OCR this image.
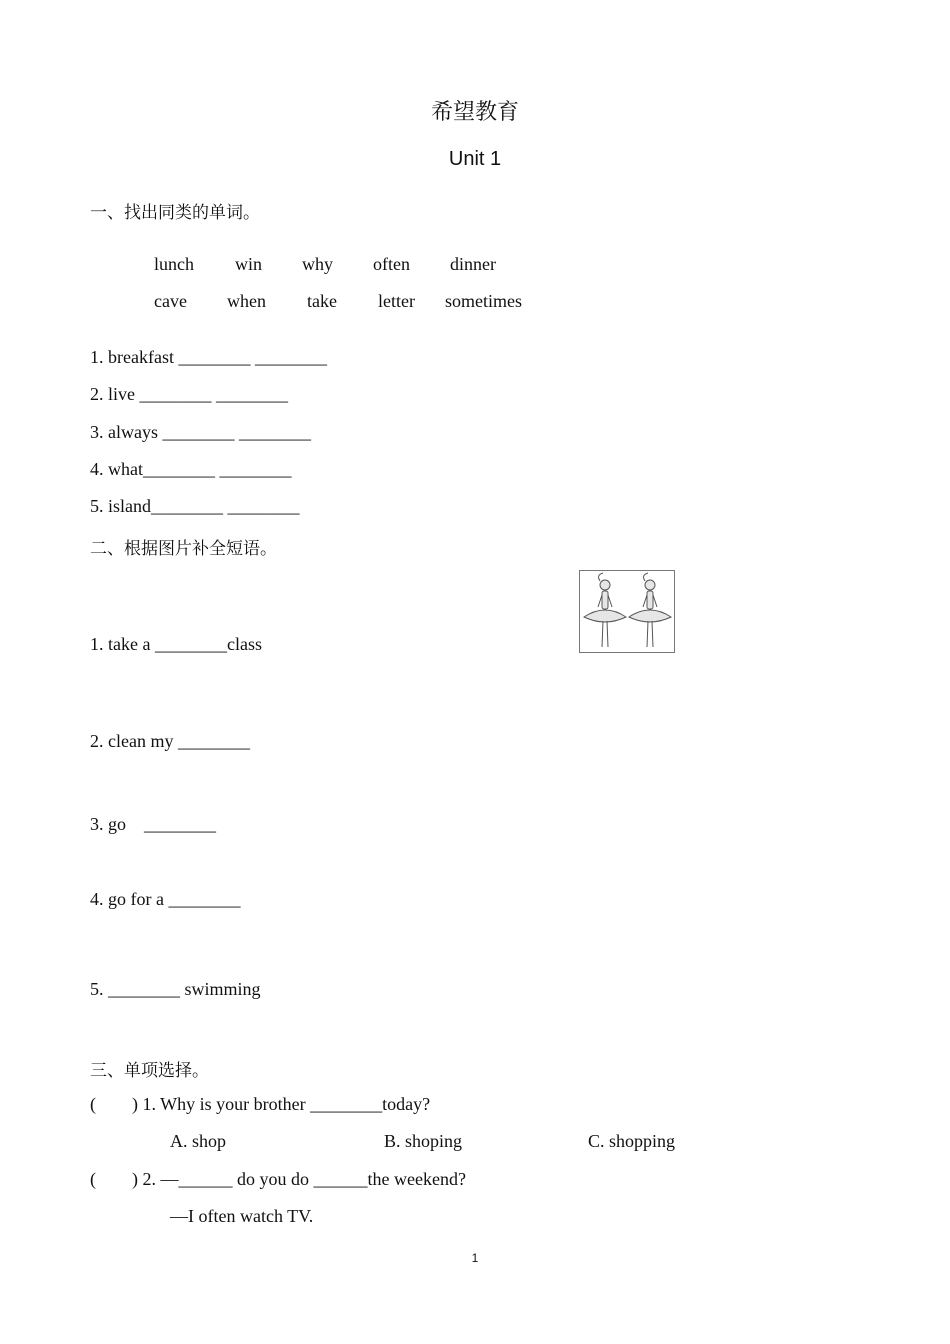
希望教育
Unit 1
一、找出同类的单词。
lunch win why often dinner
cave when take letter sometimes
1. breakfast ________ ________
2. live ________ ________
3. always ________ ________
4. what________ ________
5. island________ ________
二、根据图片补全短语。
1. take a ________class
2. clean my ________
3. go    ________
4. go for a ________
5. ________ swimming
三、单项选择。
(        ) 1. Why is your brother ________today?
A. shop	B. shoping	C. shopping
(        ) 2. —______ do you do ______the weekend?
—I often watch TV.
1
